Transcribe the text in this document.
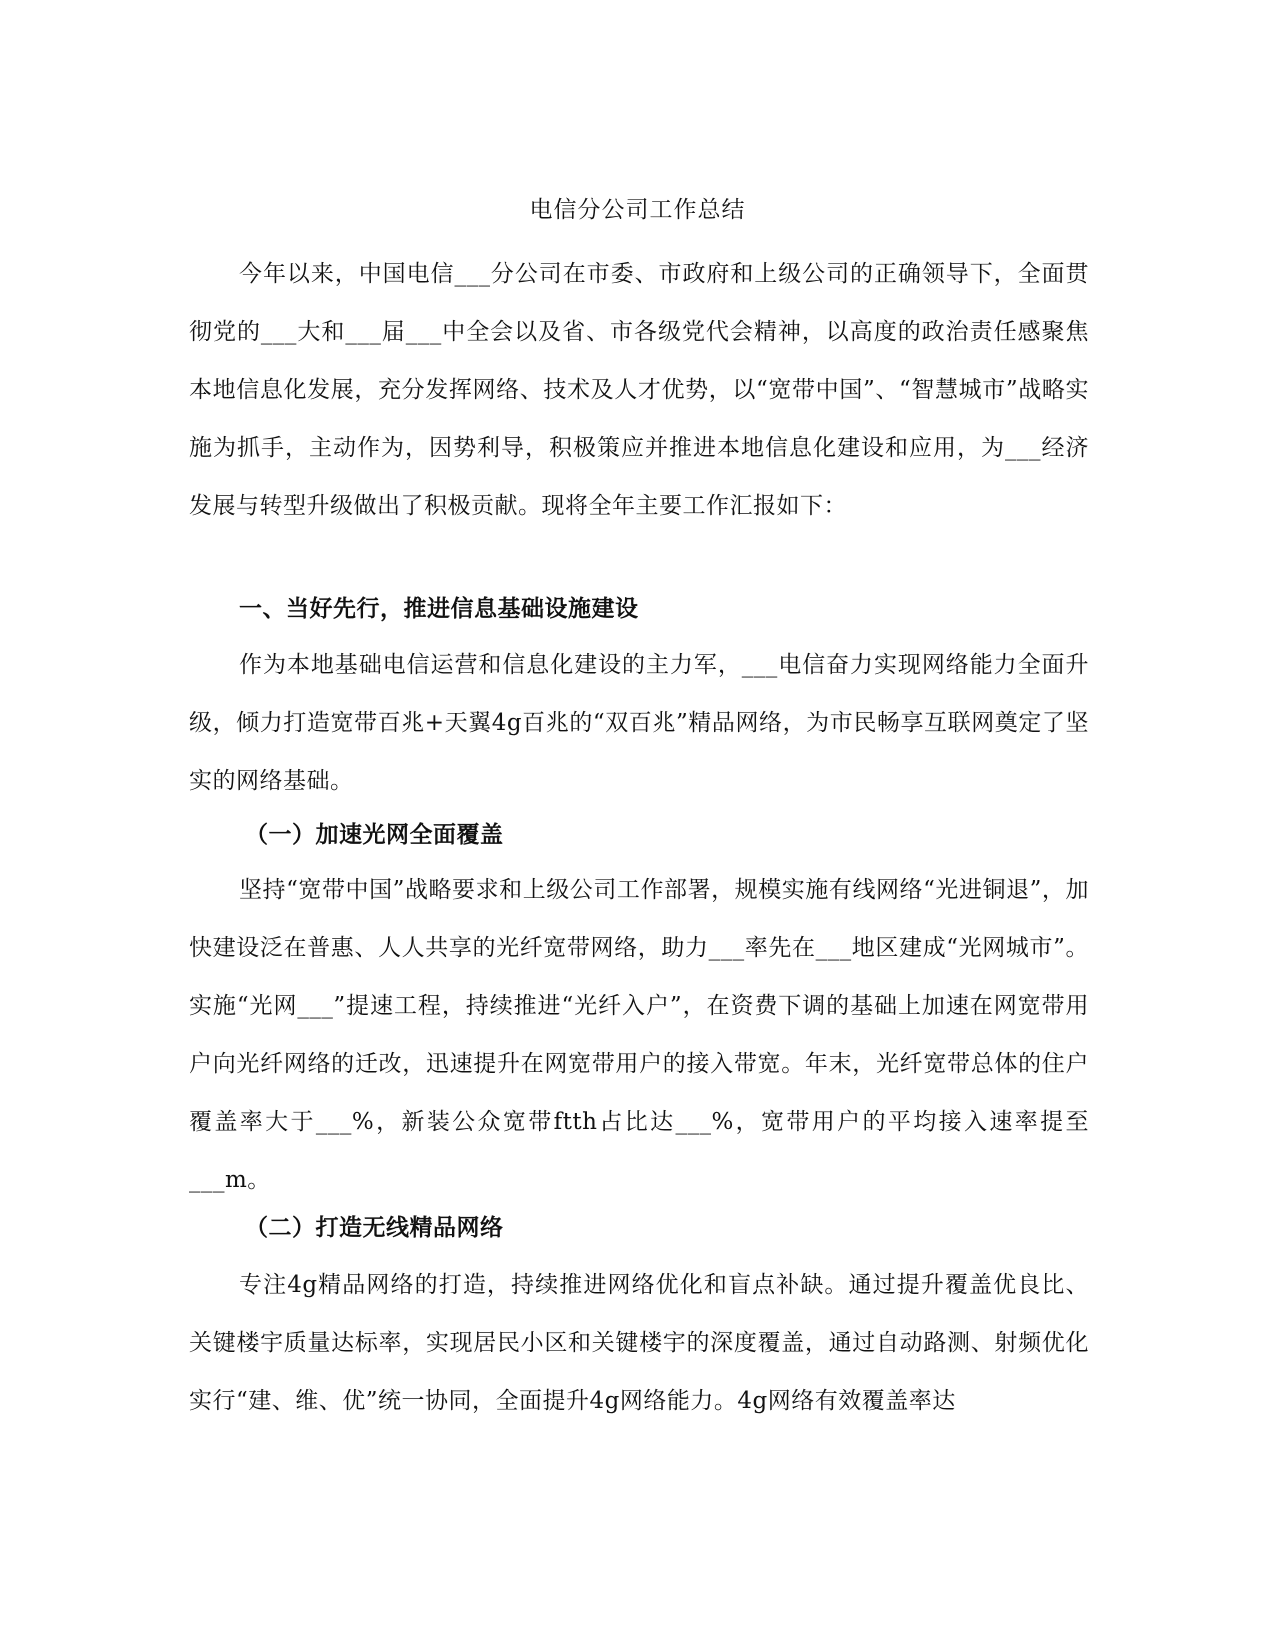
电信分公司工作总结

今年以来，中国电信___分公司在市委、市政府和上级公司的正确领导下，全面贯彻党的___大和___届___中全会以及省、市各级党代会精神，以高度的政治责任感聚焦本地信息化发展，充分发挥网络、技术及人才优势，以“宽带中国”、“智慧城市”战略实施为抓手，主动作为，因势利导，积极策应并推进本地信息化建设和应用，为___经济发展与转型升级做出了积极贡献。现将全年主要工作汇报如下：

一、当好先行，推进信息基础设施建设

作为本地基础电信运营和信息化建设的主力军，___电信奋力实现网络能力全面升级，倾力打造宽带百兆+天翼4g百兆的“双百兆”精品网络，为市民畅享互联网奠定了坚实的网络基础。

（一）加速光网全面覆盖

坚持“宽带中国”战略要求和上级公司工作部署，规模实施有线网络“光进铜退”，加快建设泛在普惠、人人共享的光纤宽带网络，助力___率先在___地区建成“光网城市”。实施“光网___”提速工程，持续推进“光纤入户”，在资费下调的基础上加速在网宽带用户向光纤网络的迁改，迅速提升在网宽带用户的接入带宽。年末，光纤宽带总体的住户覆盖率大于___%，新装公众宽带ftth占比达___%，宽带用户的平均接入速率提至___m。

（二）打造无线精品网络

专注4g精品网络的打造，持续推进网络优化和盲点补缺。通过提升覆盖优良比、关键楼宇质量达标率，实现居民小区和关键楼宇的深度覆盖，通过自动路测、射频优化实行“建、维、优”统一协同，全面提升4g网络能力。4g网络有效覆盖率达
